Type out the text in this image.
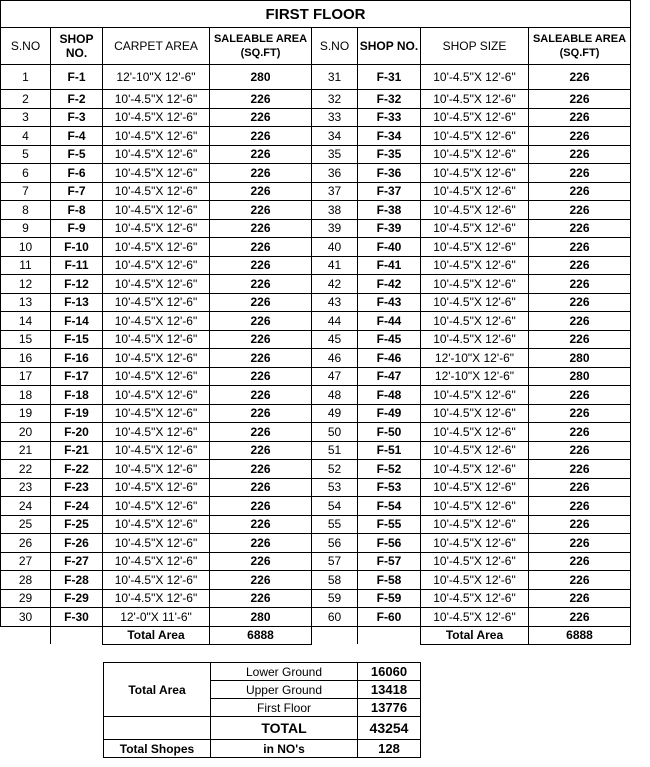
FIRST FLOOR							
S.NO	SHOP NO.	CARPET AREA	SALEABLE AREA (SQ.FT)	S.NO	SHOP NO.	SHOP SIZE	SALEABLE AREA (SQ.FT)
1	F-1	12'-10"X 12'-6"	280	31	F-31	10'-4.5"X 12'-6"	226
2	F-2	10'-4.5"X 12'-6"	226	32	F-32	10'-4.5"X 12'-6"	226
3	F-3	10'-4.5"X 12'-6"	226	33	F-33	10'-4.5"X 12'-6"	226
4	F-4	10'-4.5"X 12'-6"	226	34	F-34	10'-4.5"X 12'-6"	226
5	F-5	10'-4.5"X 12'-6"	226	35	F-35	10'-4.5"X 12'-6"	226
6	F-6	10'-4.5"X 12'-6"	226	36	F-36	10'-4.5"X 12'-6"	226
7	F-7	10'-4.5"X 12'-6"	226	37	F-37	10'-4.5"X 12'-6"	226
8	F-8	10'-4.5"X 12'-6"	226	38	F-38	10'-4.5"X 12'-6"	226
9	F-9	10'-4.5"X 12'-6"	226	39	F-39	10'-4.5"X 12'-6"	226
10	F-10	10'-4.5"X 12'-6"	226	40	F-40	10'-4.5"X 12'-6"	226
11	F-11	10'-4.5"X 12'-6"	226	41	F-41	10'-4.5"X 12'-6"	226
12	F-12	10'-4.5"X 12'-6"	226	42	F-42	10'-4.5"X 12'-6"	226
13	F-13	10'-4.5"X 12'-6"	226	43	F-43	10'-4.5"X 12'-6"	226
14	F-14	10'-4.5"X 12'-6"	226	44	F-44	10'-4.5"X 12'-6"	226
15	F-15	10'-4.5"X 12'-6"	226	45	F-45	10'-4.5"X 12'-6"	226
16	F-16	10'-4.5"X 12'-6"	226	46	F-46	12'-10"X 12'-6"	280
17	F-17	10'-4.5"X 12'-6"	226	47	F-47	12'-10"X 12'-6"	280
18	F-18	10'-4.5"X 12'-6"	226	48	F-48	10'-4.5"X 12'-6"	226
19	F-19	10'-4.5"X 12'-6"	226	49	F-49	10'-4.5"X 12'-6"	226
20	F-20	10'-4.5"X 12'-6"	226	50	F-50	10'-4.5"X 12'-6"	226
21	F-21	10'-4.5"X 12'-6"	226	51	F-51	10'-4.5"X 12'-6"	226
22	F-22	10'-4.5"X 12'-6"	226	52	F-52	10'-4.5"X 12'-6"	226
23	F-23	10'-4.5"X 12'-6"	226	53	F-53	10'-4.5"X 12'-6"	226
24	F-24	10'-4.5"X 12'-6"	226	54	F-54	10'-4.5"X 12'-6"	226
25	F-25	10'-4.5"X 12'-6"	226	55	F-55	10'-4.5"X 12'-6"	226
26	F-26	10'-4.5"X 12'-6"	226	56	F-56	10'-4.5"X 12'-6"	226
27	F-27	10'-4.5"X 12'-6"	226	57	F-57	10'-4.5"X 12'-6"	226
28	F-28	10'-4.5"X 12'-6"	226	58	F-58	10'-4.5"X 12'-6"	226
29	F-29	10'-4.5"X 12'-6"	226	59	F-59	10'-4.5"X 12'-6"	226
30	F-30	12'-0"X 11'-6"	280	60	F-60	10'-4.5"X 12'-6"	226
		Total Area	6888			Total Area	6888
Total Area	Lower Ground	16060
	Upper Ground	13418
	First Floor	13776
	TOTAL	43254
Total Shopes	in NO's	128
